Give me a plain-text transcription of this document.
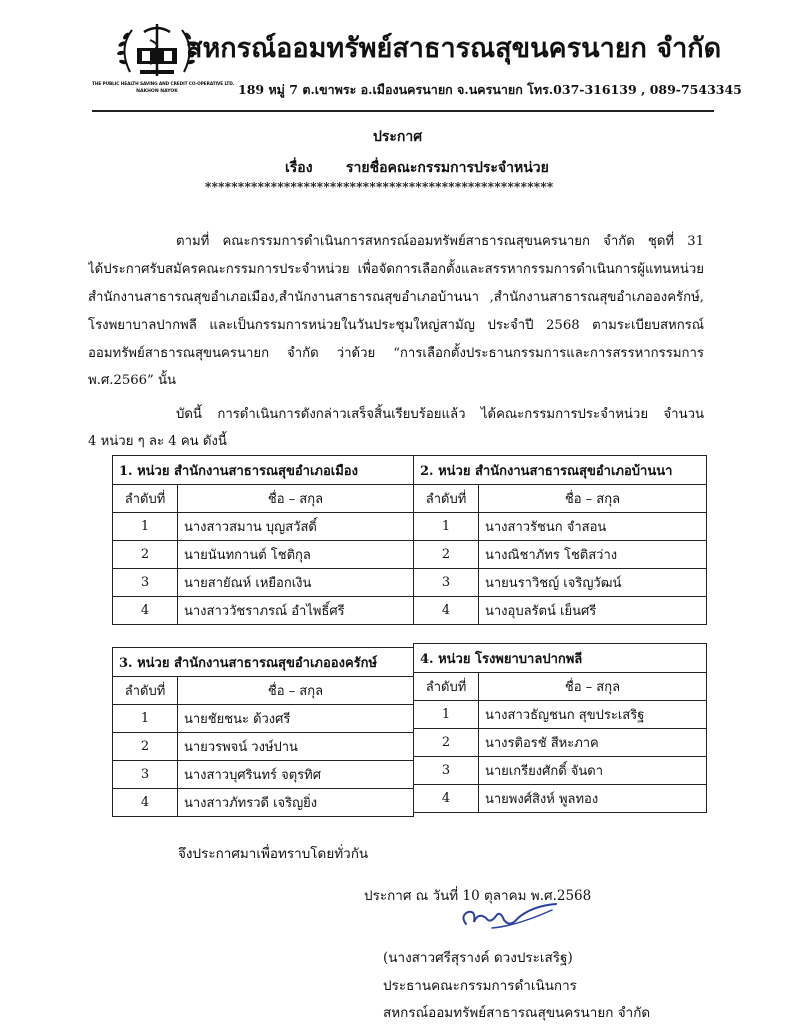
THE PUBLIC HEALTH SAVING AND CREDIT CO-OPERATIVE LTD.
NAKHON NAYOK
สหกรณ์ออมทรัพย์สาธารณสุขนครนายก จำกัด
189 หมู่ 7 ต.เขาพระ อ.เมืองนครนายก จ.นครนายก โทร.037-316139 , 089-7543345
ประกาศ
เรื่อง รายชื่อคณะกรรมการประจำหน่วย
*****************************************************
ตามที่ คณะกรรมการดำเนินการสหกรณ์ออมทรัพย์สาธารณสุขนครนายก จำกัด ชุดที่ 31
ได้ประกาศรับสมัครคณะกรรมการประจำหน่วย เพื่อจัดการเลือกตั้งและสรรหากรรมการดำเนินการผู้แทนหน่วย
สำนักงานสาธารณสุขอำเภอเมือง,สำนักงานสาธารณสุขอำเภอบ้านนา ,สำนักงานสาธารณสุขอำเภอองครักษ์,
โรงพยาบาลปากพลี และเป็นกรรมการหน่วยในวันประชุมใหญ่สามัญ ประจำปี 2568 ตามระเบียบสหกรณ์
ออมทรัพย์สาธารณสุขนครนายก จำกัด ว่าด้วย “การเลือกตั้งประธานกรรมการและการสรรหากรรมการ
พ.ศ.2566” นั้น
บัดนี้ การดำเนินการดังกล่าวเสร็จสิ้นเรียบร้อยแล้ว ได้คณะกรรมการประจำหน่วย จำนวน
4 หน่วย ๆ ละ 4 คน ดังนี้
1. หน่วย สำนักงานสาธารณสุขอำเภอเมือง	
ลำดับที่	ชื่อ – สกุล
1	นางสาวสมาน บุญสวัสดิ์
2	นายนันทกานต์ โชติกุล
3	นายสายัณห์ เหยือกเงิน
4	นางสาววัชราภรณ์ อำไพธิ์ศรี
2. หน่วย สำนักงานสาธารณสุขอำเภอบ้านนา	
ลำดับที่	ชื่อ – สกุล
1	นางสาวรัชนก จำสอน
2	นางณิชาภัทร โชติสว่าง
3	นายนราวิชญ์ เจริญวัฒน์
4	นางอุบลรัตน์ เย็นศรี
3. หน่วย สำนักงานสาธารณสุขอำเภอองครักษ์	
ลำดับที่	ชื่อ – สกุล
1	นายชัยชนะ ด้วงศรี
2	นายวรพจน์ วงษ์ปาน
3	นางสาวบุศรินทร์ จตุรทิศ
4	นางสาวภัทรวดี เจริญยิ่ง
4. หน่วย โรงพยาบาลปากพลี	
ลำดับที่	ชื่อ – สกุล
1	นางสาวธัญชนก สุขประเสริฐ
2	นางรติอรชั สีหะภาค
3	นายเกรียงศักดิ์ จันดา
4	นายพงศ์สิงห์ พูลทอง
จึงประกาศมาเพื่อทราบโดยทั่วกัน
ประกาศ ณ วันที่ 10 ตุลาคม พ.ศ.2568
(นางสาวศรีสุรางค์ ดวงประเสริฐ)
ประธานคณะกรรมการดำเนินการ
สหกรณ์ออมทรัพย์สาธารณสุขนครนายก จำกัด
